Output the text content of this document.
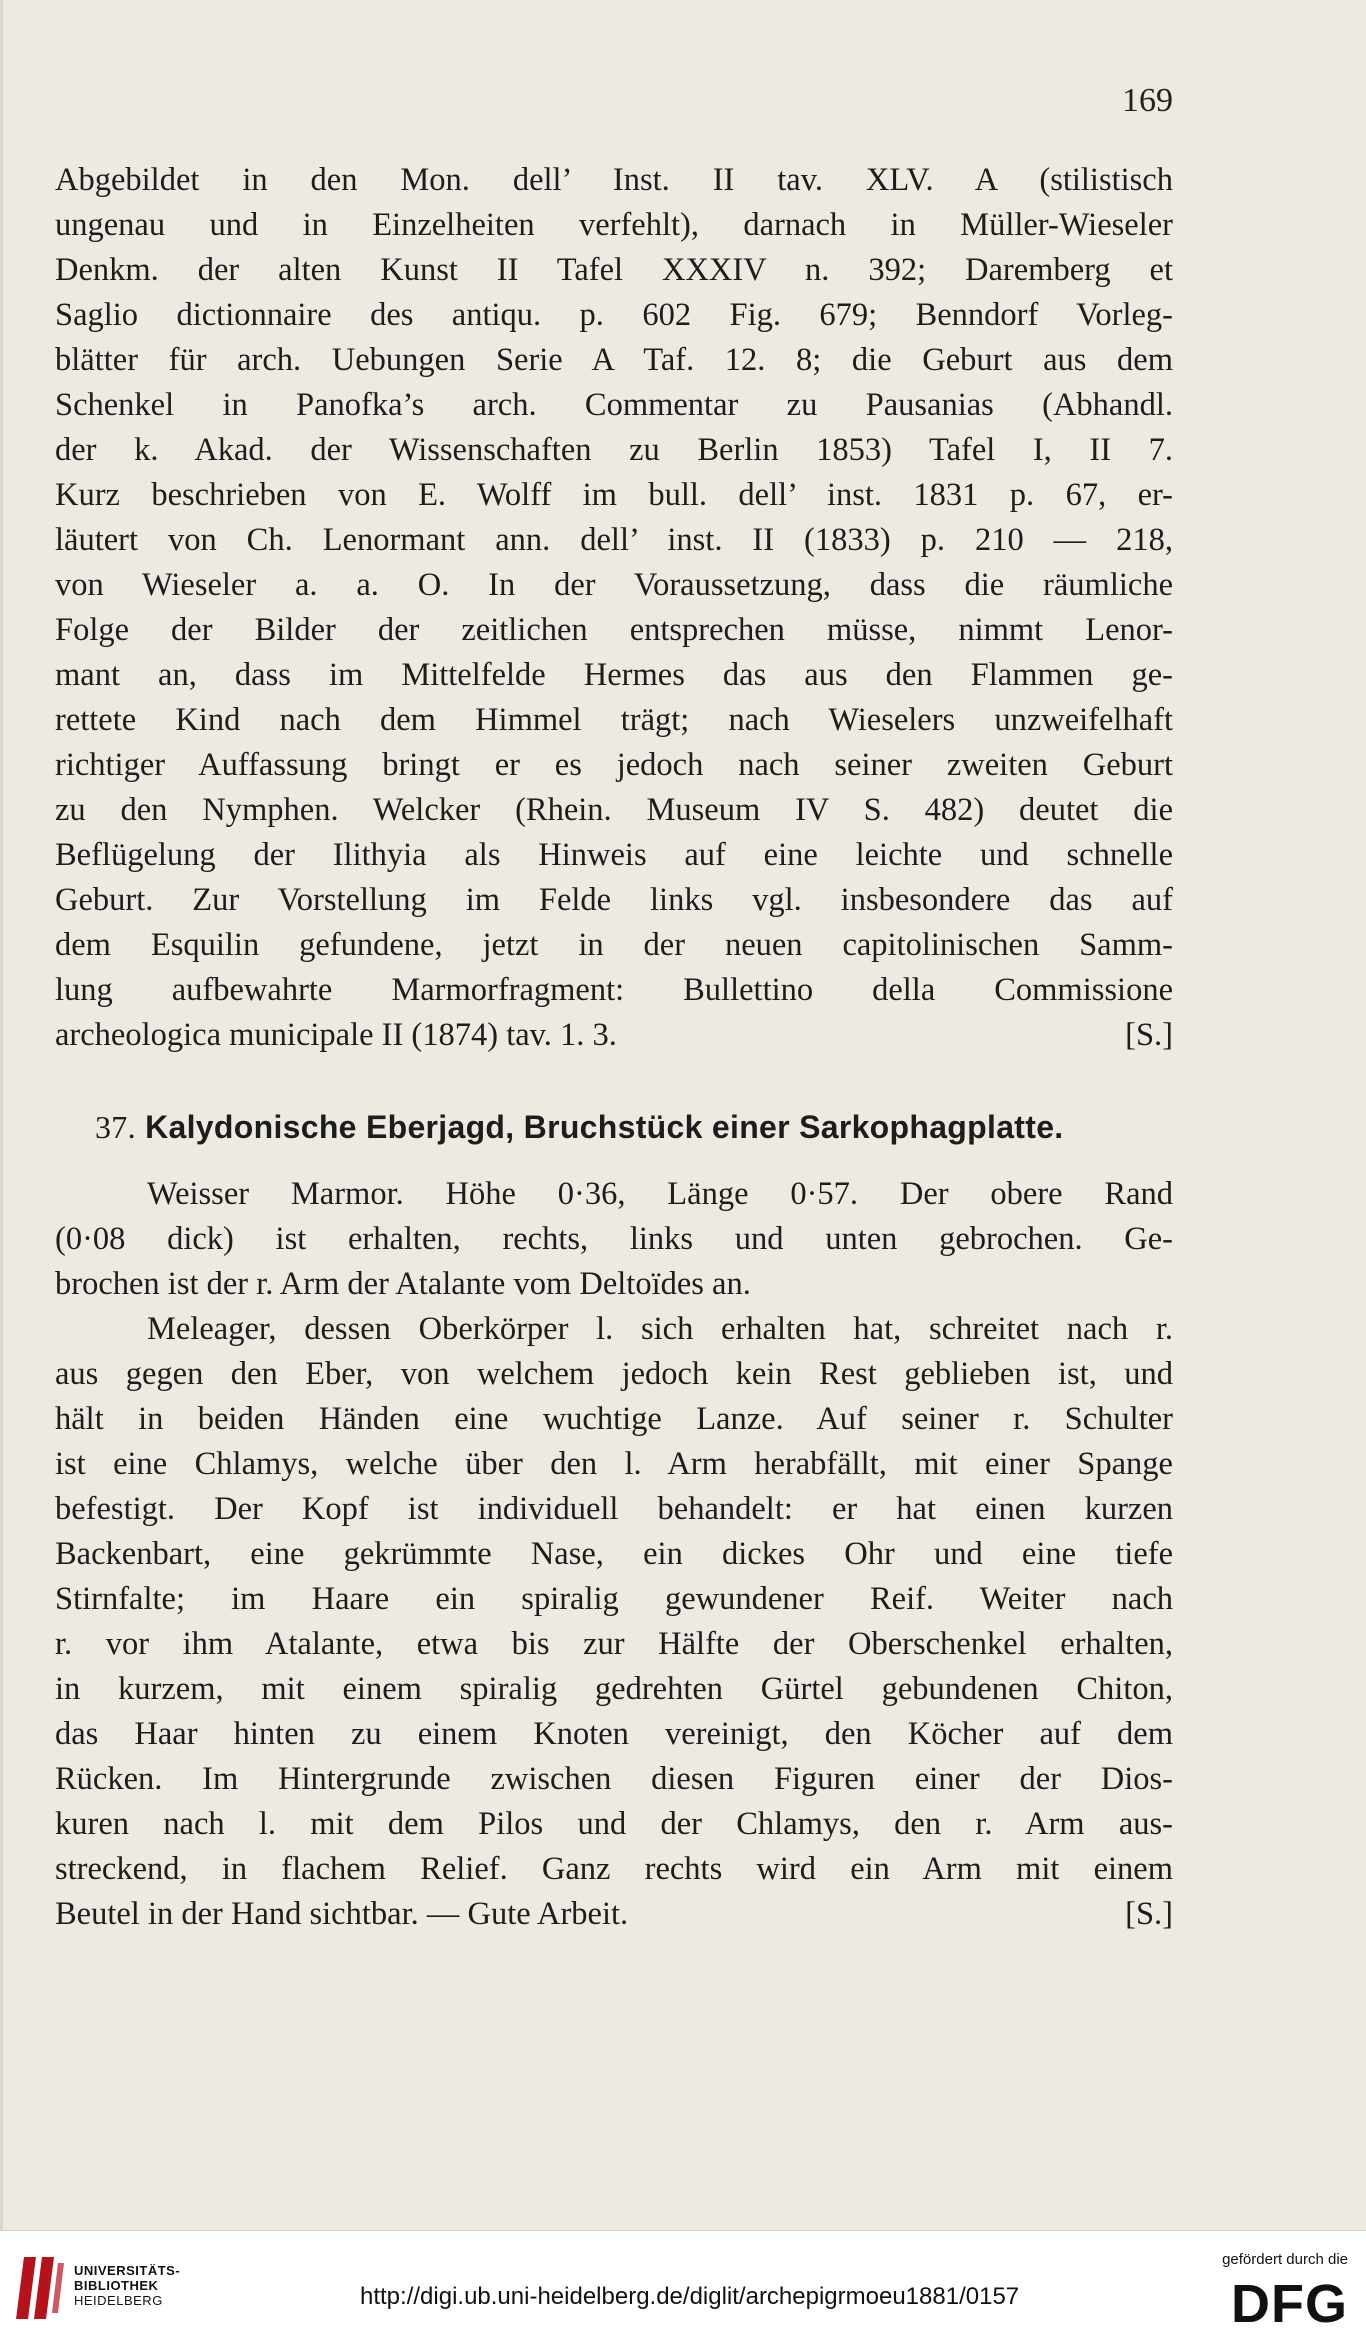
169
Abgebildet in den Mon. dell’ Inst. II tav. XLV. A (stilistisch
ungenau und in Einzelheiten verfehlt), darnach in Müller-Wieseler
Denkm. der alten Kunst II Tafel XXXIV n. 392; Daremberg et
Saglio dictionnaire des antiqu. p. 602 Fig. 679; Benndorf Vorleg-
blätter für arch. Uebungen Serie A Taf. 12. 8; die Geburt aus dem
Schenkel in Panofka’s arch. Commentar zu Pausanias (Abhandl.
der k. Akad. der Wissenschaften zu Berlin 1853) Tafel I, II 7.
Kurz beschrieben von E. Wolff im bull. dell’ inst. 1831 p. 67, er-
läutert von Ch. Lenormant ann. dell’ inst. II (1833) p. 210 — 218,
von Wieseler a. a. O. In der Voraussetzung, dass die räumliche
Folge der Bilder der zeitlichen entsprechen müsse, nimmt Lenor-
mant an, dass im Mittelfelde Hermes das aus den Flammen ge-
rettete Kind nach dem Himmel trägt; nach Wieselers unzweifelhaft
richtiger Auffassung bringt er es jedoch nach seiner zweiten Geburt
zu den Nymphen. Welcker (Rhein. Museum IV S. 482) deutet die
Beflügelung der Ilithyia als Hinweis auf eine leichte und schnelle
Geburt. Zur Vorstellung im Felde links vgl. insbesondere das auf
dem Esquilin gefundene, jetzt in der neuen capitolinischen Samm-
lung aufbewahrte Marmorfragment: Bullettino della Commissione
[S.]
archeologica municipale II (1874) tav. 1. 3.
37. Kalydonische Eberjagd, Bruchstück einer Sarkophagplatte.
Weisser Marmor. Höhe 0·36, Länge 0·57. Der obere Rand
(0·08 dick) ist erhalten, rechts, links und unten gebrochen. Ge-
brochen ist der r. Arm der Atalante vom Deltoïdes an.
Meleager, dessen Oberkörper l. sich erhalten hat, schreitet nach r.
aus gegen den Eber, von welchem jedoch kein Rest geblieben ist, und
hält in beiden Händen eine wuchtige Lanze. Auf seiner r. Schulter
ist eine Chlamys, welche über den l. Arm herabfällt, mit einer Spange
befestigt. Der Kopf ist individuell behandelt: er hat einen kurzen
Backenbart, eine gekrümmte Nase, ein dickes Ohr und eine tiefe
Stirnfalte; im Haare ein spiralig gewundener Reif. Weiter nach
r. vor ihm Atalante, etwa bis zur Hälfte der Oberschenkel erhalten,
in kurzem, mit einem spiralig gedrehten Gürtel gebundenen Chiton,
das Haar hinten zu einem Knoten vereinigt, den Köcher auf dem
Rücken. Im Hintergrunde zwischen diesen Figuren einer der Dios-
kuren nach l. mit dem Pilos und der Chlamys, den r. Arm aus-
streckend, in flachem Relief. Ganz rechts wird ein Arm mit einem
[S.]
Beutel in der Hand sichtbar. — Gute Arbeit.
UNIVERSITÄTS-
BIBLIOTHEK
HEIDELBERG	http://digi.ub.uni-heidelberg.de/diglit/archepigrmoeu1881/0157
gefördert durch die
DFG
